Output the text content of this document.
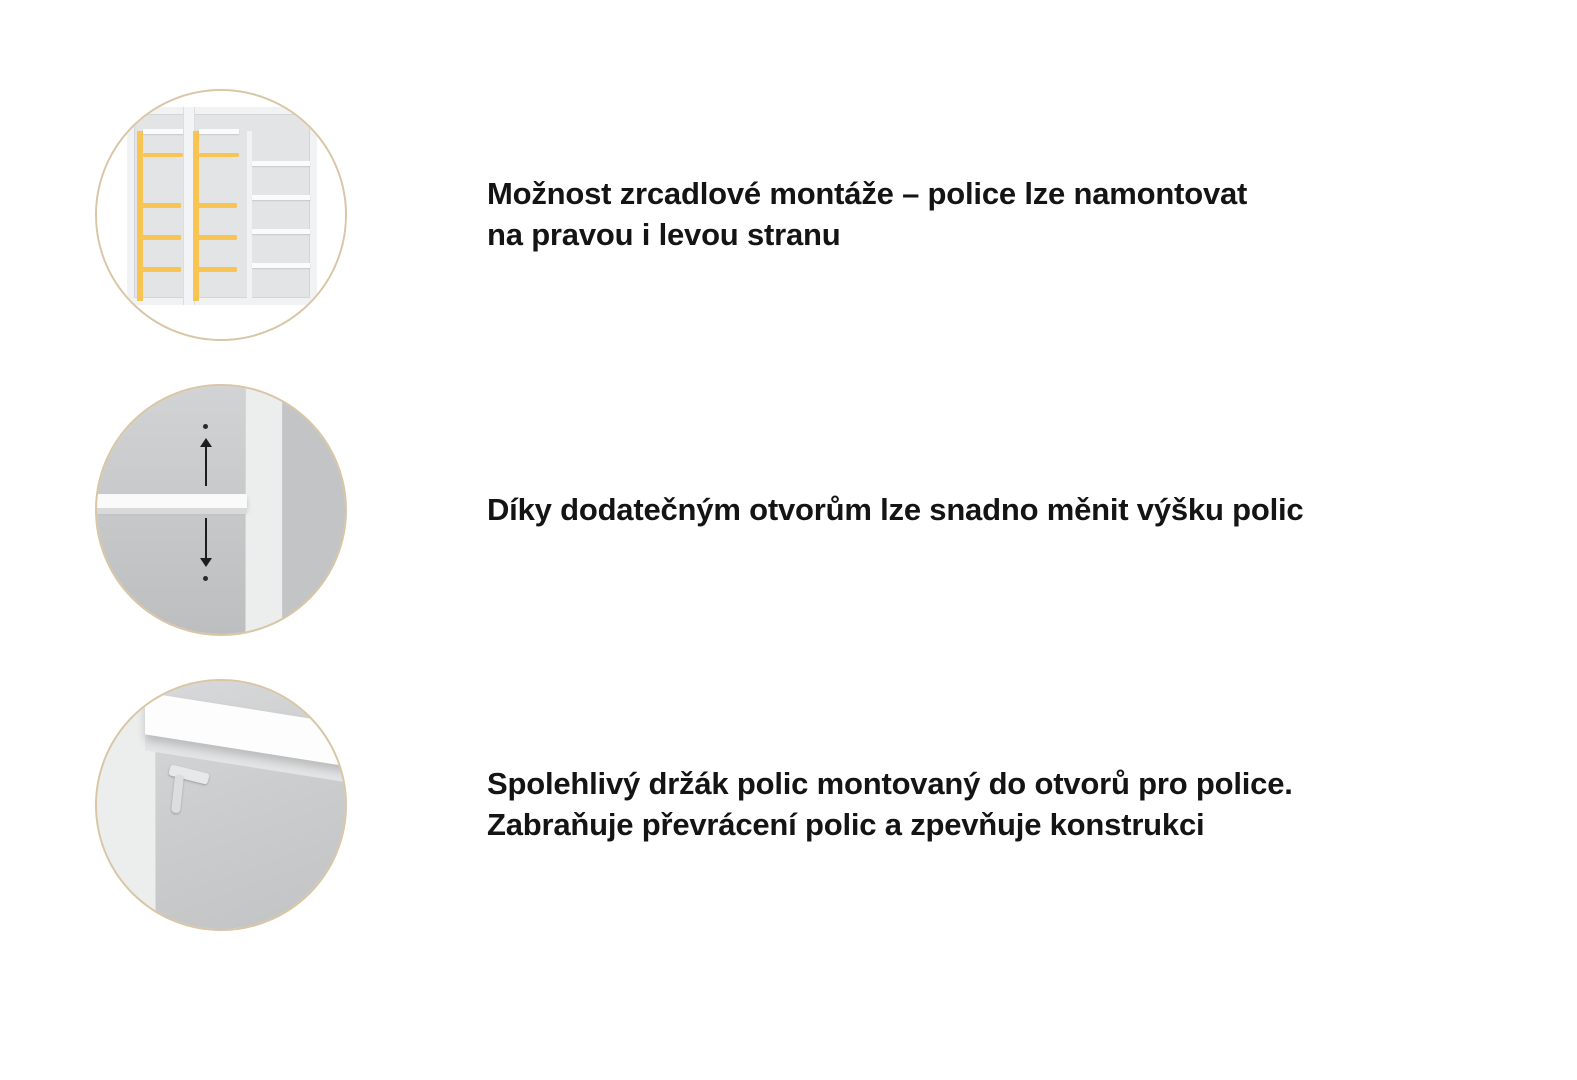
Možnost zrcadlové montáže – police lze namontovat
na pravou i levou stranu
Díky dodatečným otvorům lze snadno měnit výšku polic
Spolehlivý držák polic montovaný do otvorů pro police.
Zabraňuje převrácení polic a zpevňuje konstrukci
